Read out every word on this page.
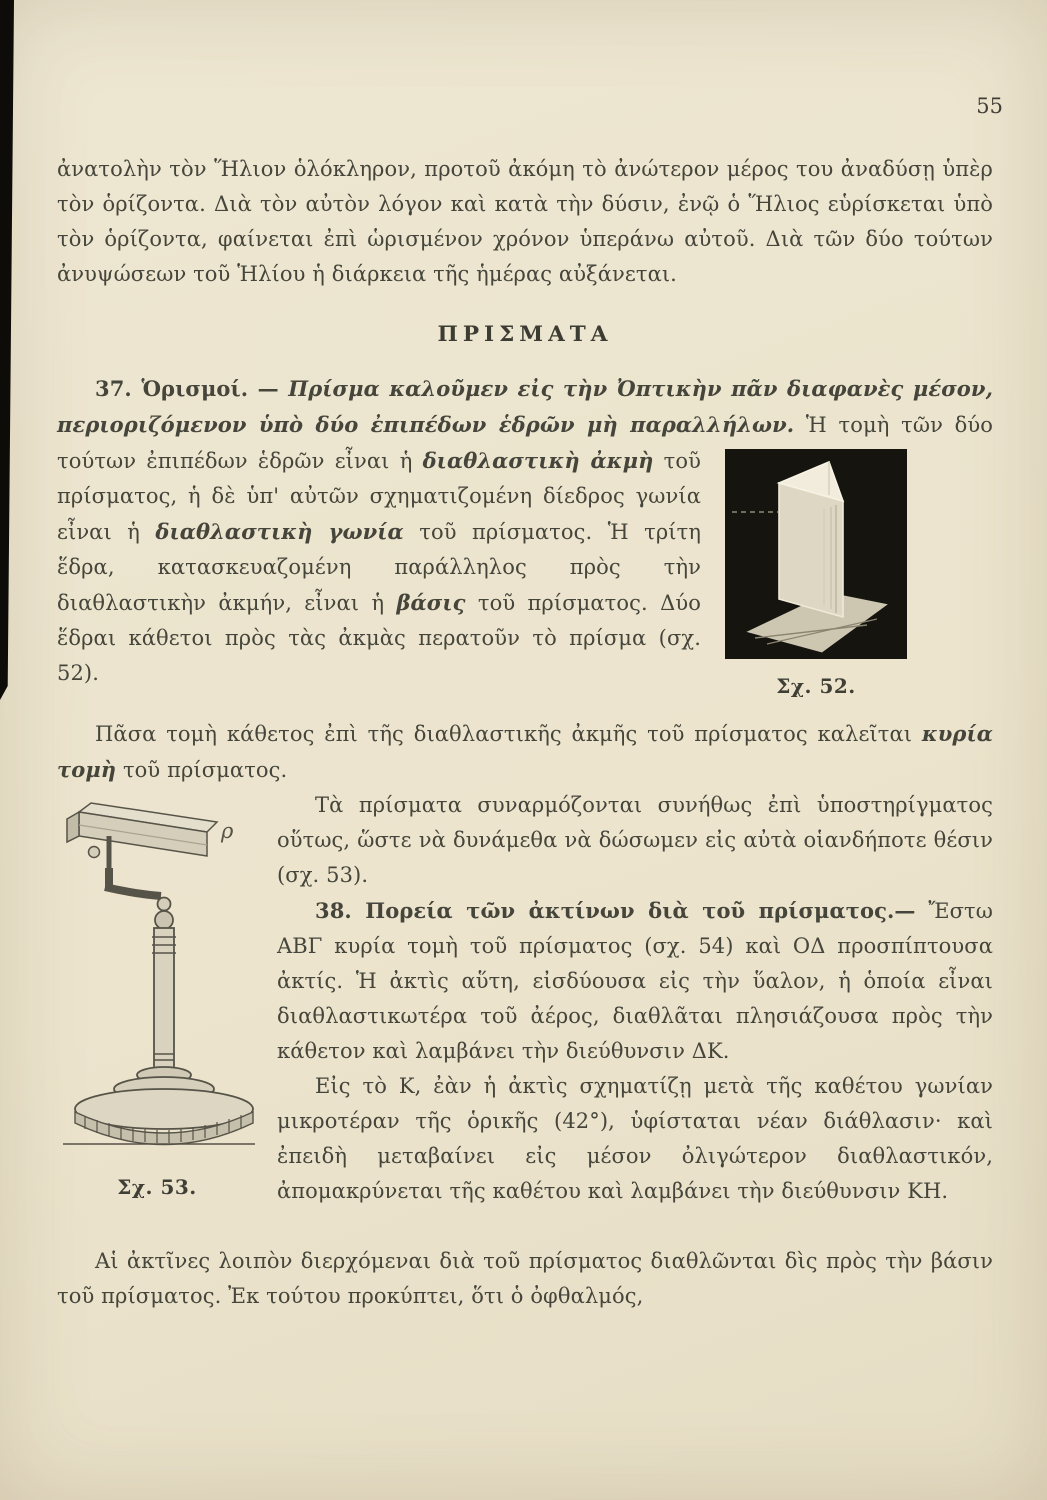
55

ἀνατολὴν τὸν Ἥλιον ὁλόκληρον, προτοῦ ἀκόμη τὸ ἀνώτερον μέρος του ἀναδύσῃ ὑπὲρ τὸν ὁρίζοντα. Διὰ τὸν αὐτὸν λόγον καὶ κατὰ τὴν δύσιν, ἐνῷ ὁ Ἥλιος εὑρίσκεται ὑπὸ τὸν ὁρίζοντα, φαίνεται ἐπὶ ὡρισμένον χρόνον ὑπεράνω αὐτοῦ. Διὰ τῶν δύο τούτων ἀνυψώσεων τοῦ Ἡλίου ἡ διάρκεια τῆς ἡμέρας αὐξάνεται.

ΠΡΙΣΜΑΤΑ

37. Ὁρισμοί. — Πρίσμα καλοῦμεν εἰς τὴν Ὀπτικὴν πᾶν διαφανὲς μέσον, περιοριζόμενον ὑπὸ δύο ἐπιπέδων ἑδρῶν μὴ παραλλήλων.
Σχ. 52.
Ἡ τομὴ τῶν δύο τούτων ἐπιπέδων ἑδρῶν εἶναι ἡ διαθλαστικὴ ἀκμὴ τοῦ πρίσματος, ἡ δὲ ὑπ' αὐτῶν σχηματιζομένη δίεδρος γωνία εἶναι ἡ διαθλαστικὴ γωνία τοῦ πρίσματος. Ἡ τρίτη ἕδρα, κατασκευαζομένη παράλληλος πρὸς τὴν διαθλαστικὴν ἀκμήν, εἶναι ἡ βάσις τοῦ πρίσματος. Δύο ἕδραι κάθετοι πρὸς τὰς ἀκμὰς περατοῦν τὸ πρίσμα (σχ. 52).

Πᾶσα τομὴ κάθετος ἐπὶ τῆς διαθλαστικῆς ἀκμῆς τοῦ πρίσματος καλεῖται κυρία τομὴ τοῦ πρίσματος.

ρ
Σχ. 53.
Τὰ πρίσματα συναρμόζονται συνήθως ἐπὶ ὑποστηρίγματος οὕτως, ὥστε νὰ δυνάμεθα νὰ δώσωμεν εἰς αὐτὰ οἱανδήποτε θέσιν (σχ. 53).

38. Πορεία τῶν ἀκτίνων διὰ τοῦ πρίσματος.— Ἔστω ΑΒΓ κυρία τομὴ τοῦ πρίσματος (σχ. 54) καὶ ΟΔ προσπίπτουσα ἀκτίς. Ἡ ἀκτὶς αὕτη, εἰσδύουσα εἰς τὴν ὕαλον, ἡ ὁποία εἶναι διαθλαστικωτέρα τοῦ ἀέρος, διαθλᾶται πλησιάζουσα πρὸς τὴν κάθετον καὶ λαμβάνει τὴν διεύθυνσιν ΔΚ.

Εἰς τὸ Κ, ἐὰν ἡ ἀκτὶς σχηματίζῃ μετὰ τῆς καθέτου γωνίαν μικροτέραν τῆς ὁρικῆς (42°), ὑφίσταται νέαν διάθλασιν· καὶ ἐπειδὴ μεταβαίνει εἰς μέσον ὀλιγώτερον διαθλαστικόν, ἀπομακρύνεται τῆς καθέτου καὶ λαμβάνει τὴν διεύθυνσιν ΚΗ.

Αἱ ἀκτῖνες λοιπὸν διερχόμεναι διὰ τοῦ πρίσματος διαθλῶνται δὶς πρὸς τὴν βάσιν τοῦ πρίσματος. Ἐκ τούτου προκύπτει, ὅτι ὁ ὀφθαλμός,
